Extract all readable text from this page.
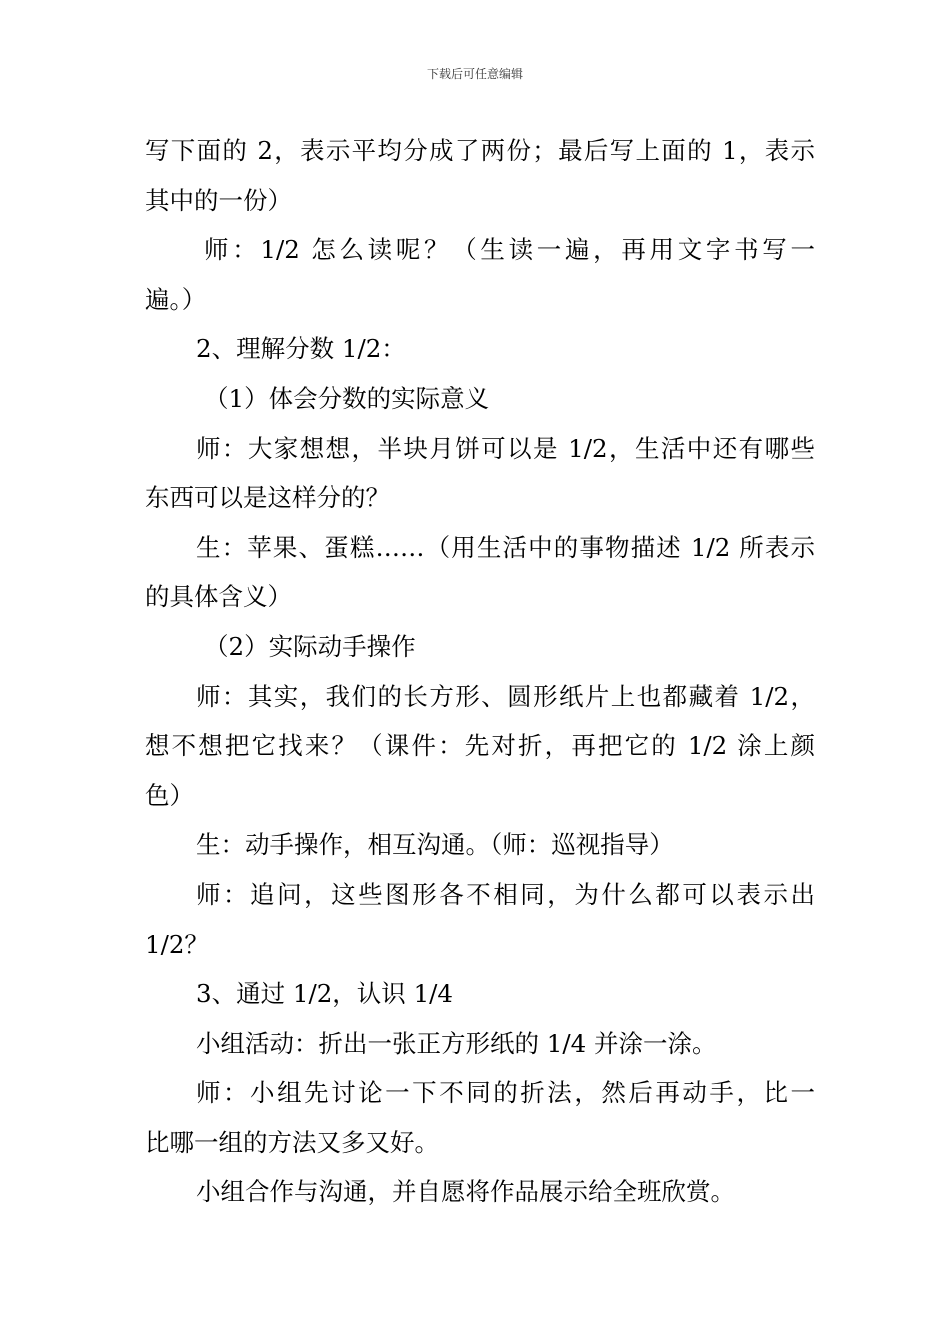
下载后可任意编辑
写下面的 2，表示平均分成了两份；最后写上面的 1，表示
其中的一份）
师：1/2 怎么读呢？（生读一遍，再用文字书写一
遍。）
2、理解分数 1/2：
（1）体会分数的实际意义
师：大家想想，半块月饼可以是 1/2，生活中还有哪些
东西可以是这样分的？
生：苹果、蛋糕……（用生活中的事物描述 1/2 所表示
的具体含义）
（2）实际动手操作
师：其实，我们的长方形、圆形纸片上也都藏着 1/2，
想不想把它找来？（课件：先对折，再把它的 1/2 涂上颜
色）
生：动手操作，相互沟通。（师：巡视指导）
师：追问，这些图形各不相同，为什么都可以表示出
1/2？
3、通过 1/2，认识 1/4
小组活动：折出一张正方形纸的 1/4 并涂一涂。
师：小组先讨论一下不同的折法，然后再动手，比一
比哪一组的方法又多又好。
小组合作与沟通，并自愿将作品展示给全班欣赏。
